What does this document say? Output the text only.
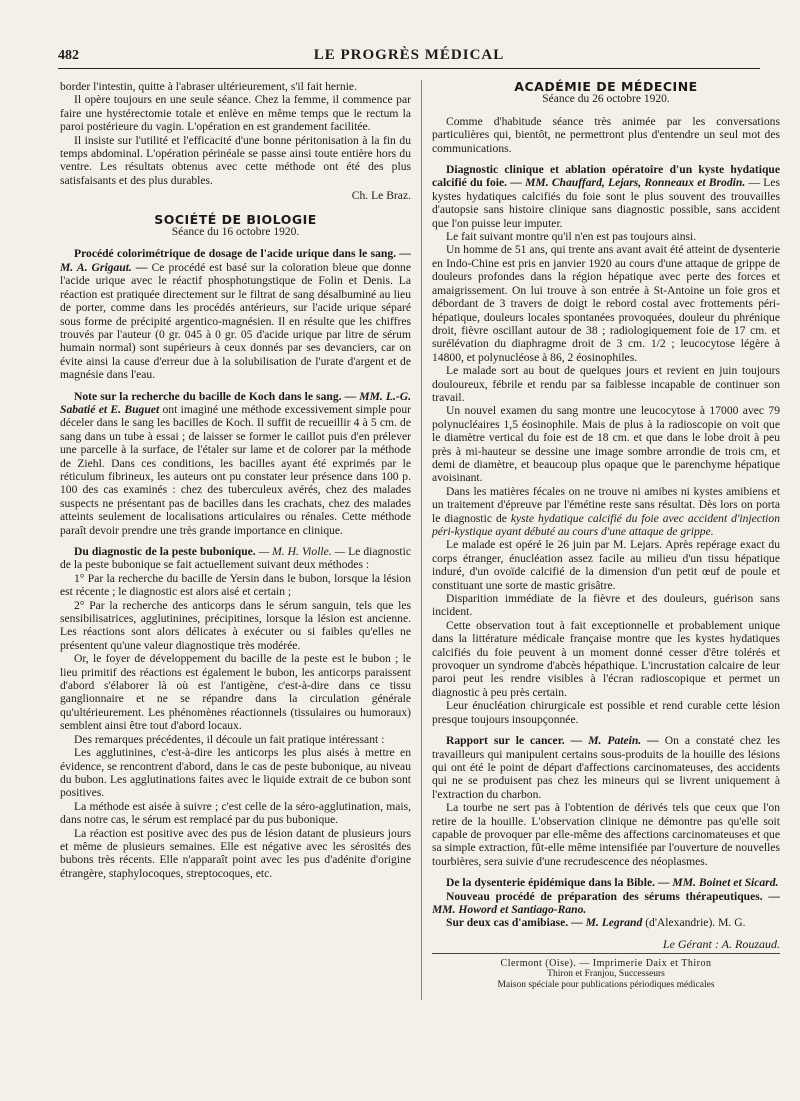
482	LE PROGRÈS MÉDICAL

border l'intestin, quitte à l'abraser ultérieurement, s'il fait hernie.

Il opère toujours en une seule séance. Chez la femme, il commence par faire une hystérectomie totale et enlève en même temps que le rectum la paroi postérieure du vagin. L'opération en est grandement facilitée.

Il insiste sur l'utilité et l'efficacité d'une bonne péritonisation à la fin du temps abdominal. L'opération périnéale se passe ainsi toute entière hors du ventre. Les résultats obtenus avec cette méthode ont été des plus satisfaisants et des plus durables.

Ch. Le Braz.

SOCIÉTÉ DE BIOLOGIE
Séance du 16 octobre 1920.

Procédé colorimétrique de dosage de l'acide urique dans le sang. — M. A. Grigaut. — Ce procédé est basé sur la coloration bleue que donne l'acide urique avec le réactif phosphotungstique de Folin et Denis. La réaction est pratiquée directement sur le filtrat de sang désalbuminé au lieu de porter, comme dans les procédés antérieurs, sur l'acide urique séparé sous forme de précipité argentico-magnésien. Il en résulte que les chiffres trouvés par l'auteur (0 gr. 045 à 0 gr. 05 d'acide urique par litre de sérum humain normal) sont supérieurs à ceux donnés par ses devanciers, car on évite ainsi la cause d'erreur due à la solubilisation de l'urate d'argent et de magnésie dans l'eau.

Note sur la recherche du bacille de Koch dans le sang. — MM. L.-G. Sabatié et E. Buguet ont imaginé une méthode excessivement simple pour déceler dans le sang les bacilles de Koch. Il suffit de recueillir 4 à 5 cm. de sang dans un tube à essai ; de laisser se former le caillot puis d'en prélever une parcelle à la surface, de l'étaler sur lame et de colorer par la méthode de Ziehl. Dans ces conditions, les bacilles ayant été exprimés par le réticulum fibrineux, les auteurs ont pu constater leur présence dans 100 p. 100 des cas examinés : chez des tuberculeux avérés, chez des malades suspects ne présentant pas de bacilles dans les crachats, chez des malades atteints seulement de localisations articulaires ou rénales. Cette méthode paraît devoir prendre une très grande importance en clinique.

Du diagnostic de la peste bubonique. — M. H. Violle. — Le diagnostic de la peste bubonique se fait actuellement suivant deux méthodes :

1° Par la recherche du bacille de Yersin dans le bubon, lorsque la lésion est récente ; le diagnostic est alors aisé et certain ;

2° Par la recherche des anticorps dans le sérum sanguin, tels que les sensibilisatrices, agglutinines, précipitines, lorsque la lésion est ancienne. Les réactions sont alors délicates à exécuter ou si faibles qu'elles ne présentent qu'une valeur diagnostique très modérée.

Or, le foyer de développement du bacille de la peste est le bubon ; le lieu primitif des réactions est également le bubon, les anticorps paraissent d'abord s'élaborer là où est l'antigène, c'est-à-dire dans ce tissu ganglionnaire et ne se répandre dans la circulation générale qu'ultérieurement. Les phénomènes réactionnels (tissulaires ou humoraux) semblent ainsi être tout d'abord locaux.

Des remarques précédentes, il découle un fait pratique intéressant :

Les agglutinines, c'est-à-dire les anticorps les plus aisés à mettre en évidence, se rencontrent d'abord, dans le cas de peste bubonique, au niveau du bubon. Les agglutinations faites avec le liquide extrait de ce bubon sont positives.

La méthode est aisée à suivre ; c'est celle de la séro-agglutination, mais, dans notre cas, le sérum est remplacé par du pus bubonique.

La réaction est positive avec des pus de lésion datant de plusieurs jours et même de plusieurs semaines. Elle est négative avec les sérosités des bubons très récents. Elle n'apparaît point avec les pus d'adénite d'origine étrangère, staphylocoques, streptocoques, etc.

ACADÉMIE DE MÉDECINE
Séance du 26 octobre 1920.

Comme d'habitude séance très animée par les conversations particulières qui, bientôt, ne permettront plus d'entendre un seul mot des communications.

Diagnostic clinique et ablation opératoire d'un kyste hydatique calcifié du foie. — MM. Chauffard, Lejars, Ronneaux et Brodin. — Les kystes hydatiques calcifiés du foie sont le plus souvent des trouvailles d'autopsie sans histoire clinique sans diagnostic possible, sans accident que l'on puisse leur imputer.

Le fait suivant montre qu'il n'en est pas toujours ainsi.

Un homme de 51 ans, qui trente ans avant avait été atteint de dysenterie en Indo-Chine est pris en janvier 1920 au cours d'une attaque de grippe de douleurs profondes dans la région hépatique avec perte des forces et amaigrissement. On lui trouve à son entrée à St-Antoine un foie gros et débordant de 3 travers de doigt le rebord costal avec frottements péri-hépatique, douleurs locales spontanées provoquées, douleur du phrénique droit, fièvre oscillant autour de 38 ; radiologiquement foie de 17 cm. et surélévation du diaphragme droit de 3 cm. 1/2 ; leucocytose légère à 14800, et polynucléose à 86, 2 éosinophiles.

Le malade sort au bout de quelques jours et revient en juin toujours douloureux, fébrile et rendu par sa faiblesse incapable de continuer son travail.

Un nouvel examen du sang montre une leucocytose à 17000 avec 79 polynucléaires 1,5 éosinophile. Mais de plus à la radioscopie on voit que le diamètre vertical du foie est de 18 cm. et que dans le lobe droit à peu près à mi-hauteur se dessine une image sombre arrondie de trois cm, et demi de diamètre, et beaucoup plus opaque que le parenchyme hépatique avoisinant.

Dans les matières fécales on ne trouve ni amibes ni kystes amibiens et un traitement d'épreuve par l'émétine reste sans résultat. Dès lors on porta le diagnostic de kyste hydatique calcifié du foie avec accident d'injection péri-kystique ayant débuté au cours d'une attaque de grippe.

Le malade est opéré le 26 juin par M. Lejars. Après repérage exact du corps étranger, énucléation assez facile au milieu d'un tissu hépatique induré, d'un ovoïde calcifié de la dimension d'un petit œuf de poule et constituant une sorte de mastic grisâtre.

Disparition immédiate de la fièvre et des douleurs, guérison sans incident.

Cette observation tout à fait exceptionnelle et probablement unique dans la littérature médicale française montre que les kystes hydatiques calcifiés du foie peuvent à un moment donné cesser d'être tolérés et provoquer un syndrome d'abcès hépathique. L'incrustation calcaire de leur paroi peut les rendre visibles à l'écran radioscopique et permet un diagnostic à peu près certain.

Leur énucléation chirurgicale est possible et rend curable cette lésion presque toujours insoupçonnée.

Rapport sur le cancer. — M. Patein. — On a constaté chez les travailleurs qui manipulent certains sous-produits de la houille des lésions qui ont été le point de départ d'affections carcinomateuses, des accidents qui ne se produisent pas chez les mineurs qui se livrent uniquement à l'extraction du charbon.

La tourbe ne sert pas à l'obtention de dérivés tels que ceux que l'on retire de la houille. L'observation clinique ne démontre pas qu'elle soit capable de provoquer par elle-même des affections carcinomateuses et que sa simple extraction, fût-elle même intensifiée par l'ouverture de nouvelles tourbières, sera suivie d'une recrudescence des néoplasmes.

De la dysenterie épidémique dans la Bible. — MM. Boinet et Sicard.

Nouveau procédé de préparation des sérums thérapeutiques. — MM. Howord et Santiago-Rano.

Sur deux cas d'amibiase. — M. Legrand (d'Alexandrie). M. G.

Le Gérant : A. Rouzaud.
Clermont (Oise). — Imprimerie Daix et Thiron
Thiron et Franjou, Successeurs
Maison spéciale pour publications périodiques médicales
